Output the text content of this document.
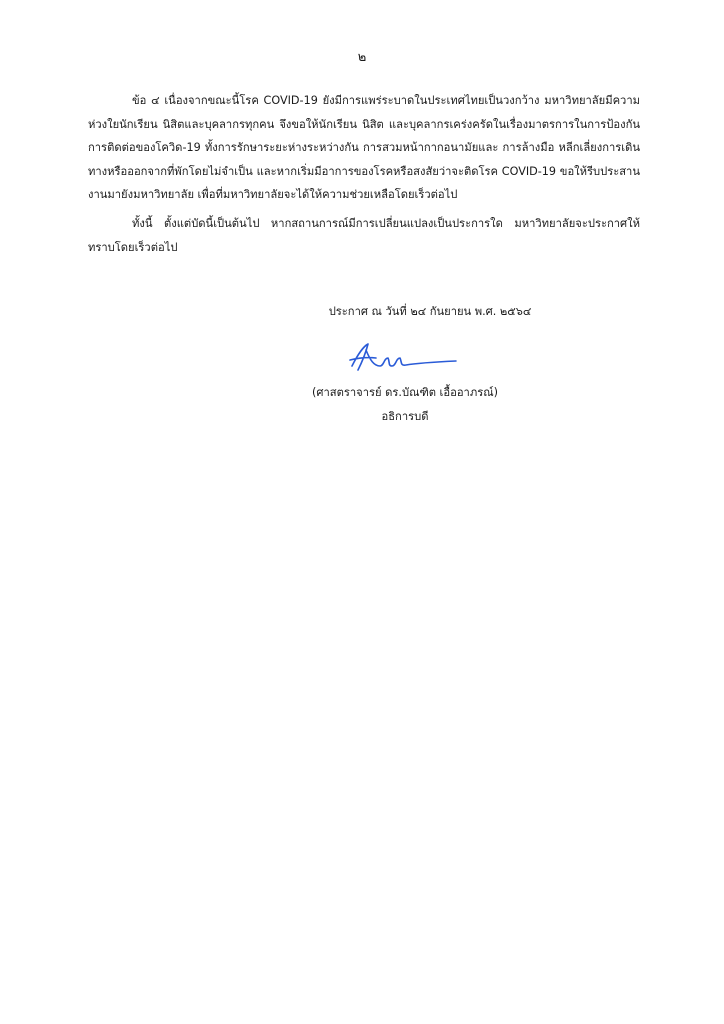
๒

ข้อ ๔ เนื่องจากขณะนี้โรค COVID-19 ยังมีการแพร่ระบาดในประเทศไทยเป็นวงกว้าง มหาวิทยาลัยมีความห่วงใยนักเรียน นิสิตและบุคลากรทุกคน จึงขอให้นักเรียน นิสิต และบุคลากรเคร่งครัดในเรื่องมาตรการในการป้องกันการติดต่อของโควิด-19 ทั้งการรักษาระยะห่างระหว่างกัน การสวมหน้ากากอนามัยและ การล้างมือ หลีกเลี่ยงการเดินทางหรือออกจากที่พักโดยไม่จำเป็น และหากเริ่มมีอาการของโรคหรือสงสัยว่าจะติดโรค COVID-19 ขอให้รีบประสานงานมายังมหาวิทยาลัย เพื่อที่มหาวิทยาลัยจะได้ให้ความช่วยเหลือโดยเร็วต่อไป

ทั้งนี้ ตั้งแต่บัดนี้เป็นต้นไป หากสถานการณ์มีการเปลี่ยนแปลงเป็นประการใด มหาวิทยาลัยจะประกาศให้ทราบโดยเร็วต่อไป

ประกาศ ณ วันที่ ๒๔ กันยายน พ.ศ. ๒๕๖๔
(ศาสตราจารย์ ดร.บัณฑิต เอื้ออาภรณ์)
อธิการบดี
